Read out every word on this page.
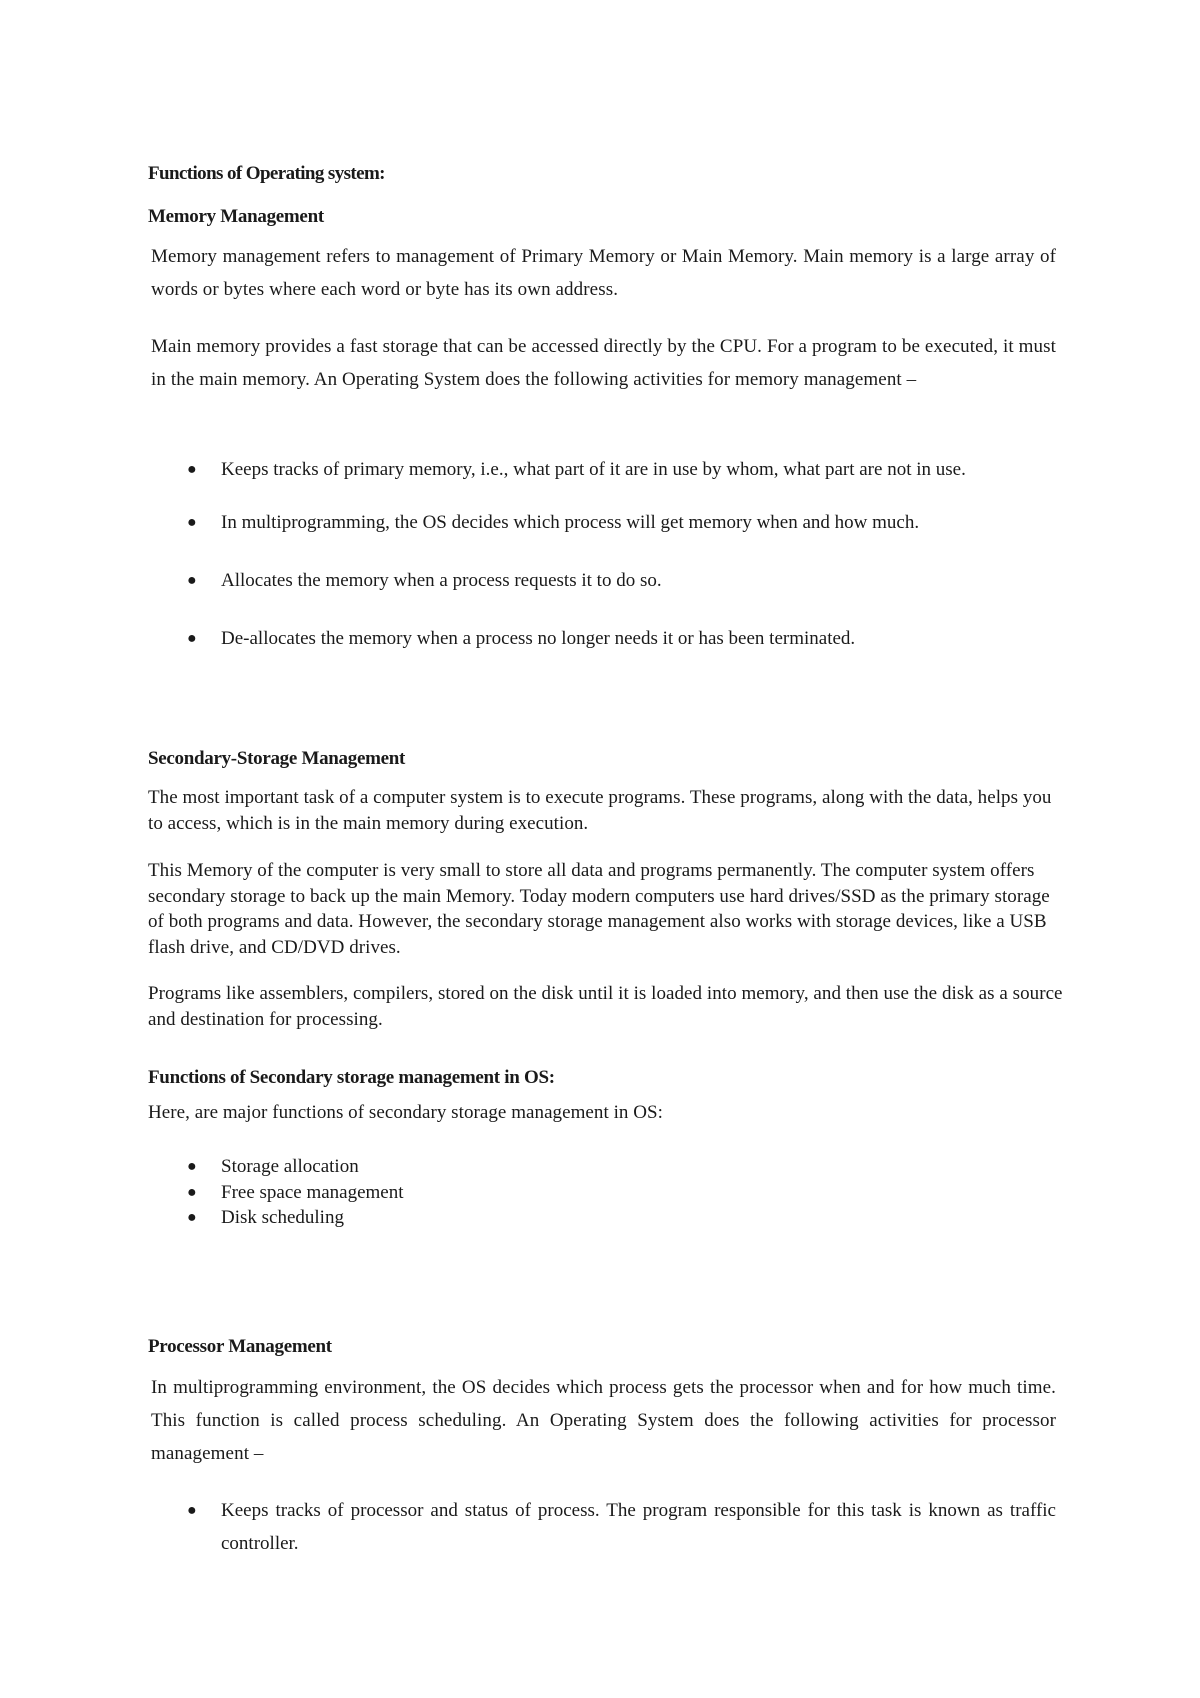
Functions of Operating system:
Memory Management

Memory management refers to management of Primary Memory or Main Memory. Main memory is a large array of words or bytes where each word or byte has its own address.

Main memory provides a fast storage that can be accessed directly by the CPU. For a program to be executed, it must in the main memory. An Operating System does the following activities for memory management –

● Keeps tracks of primary memory, i.e., what part of it are in use by whom, what part are not in use.
● In multiprogramming, the OS decides which process will get memory when and how much.
● Allocates the memory when a process requests it to do so.
● De-allocates the memory when a process no longer needs it or has been terminated.
Secondary-Storage Management

The most important task of a computer system is to execute programs. These programs, along with the data, helps you to access, which is in the main memory during execution.

This Memory of the computer is very small to store all data and programs permanently. The computer system offers secondary storage to back up the main Memory. Today modern computers use hard drives/SSD as the primary storage of both programs and data. However, the secondary storage management also works with storage devices, like a USB flash drive, and CD/DVD drives.

Programs like assemblers, compilers, stored on the disk until it is loaded into memory, and then use the disk as a source and destination for processing.

Functions of Secondary storage management in OS:

Here, are major functions of secondary storage management in OS:

● Storage allocation
● Free space management
● Disk scheduling
Processor Management

In multiprogramming environment, the OS decides which process gets the processor when and for how much time. This function is called process scheduling. An Operating System does the following activities for processor management –

● Keeps tracks of processor and status of process. The program responsible for this task is known as traffic controller.
